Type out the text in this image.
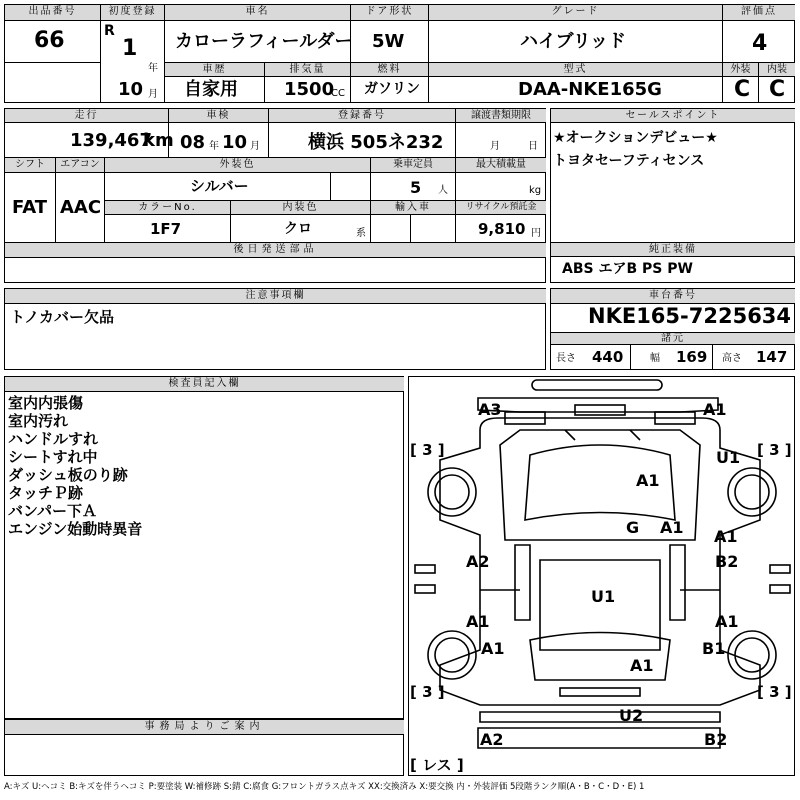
出品番号
66
初度登録
R
1
年
10 月
車名
カローラフィールダー
ドア形状
5W
グレード
ハイブリッド
評価点
4
車歴
自家用
排気量
1500
CC
燃料
ガソリン
型式
DAA-NKE165G
外装	内装
C C
走行
139,467
km
車検
08 年 10 月
登録番号
横浜 505ネ232
譲渡書類期限
月	日
シフト
FAT
エアコン
AAC
外装色
シルバー
乗車定員
5 人
最大積載量
kg
カラーNo.
1F7
内装色
クロ	系
輸入車	リサイクル預託金
9,810 円
後日発送部品
セールスポイント
★オークションデビュー★
トヨタセーフティセンス
純正装備
ABS エアB PS PW
注意事項欄
トノカバー欠品
車台番号
NKE165-7225634
諸元
長さ 440	幅 169 高さ 147
検査員記入欄
室内内張傷
室内汚れ
ハンドルすれ
シートすれ中
ダッシュ板のり跡
タッチＰ跡
バンパー下Ａ
エンジン始動時異音
事務局よりご案内
A3	A1
U1
A1
G A1 A1
A2	B2
U1
A1	A1
A1	B1
A1
U2
A2	B2
[ 3 ]	[ 3 ]
[ 3 ]	[ 3 ]
[ レス ]
A:キズ U:ヘコミ B:キズを伴うヘコミ P:要塗装 W:補修跡 S:錆 C:腐食 G:フロントガラス点キズ XX:交換済み X:要交換 内・外装評価 5段階ランク順(A・B・C・D・E) 1
